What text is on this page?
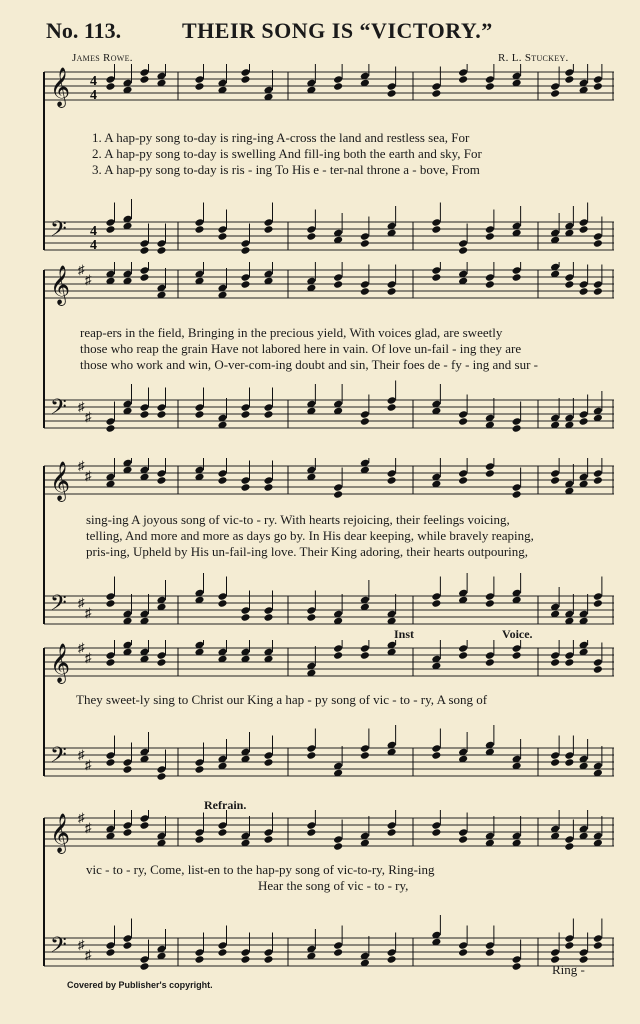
No. 113.	THEIR SONG IS “VICTORY.”
James Rowe.	R. L. Stuckey.
𝄞 4
4
𝄢 4
4
1. A hap-py song to-day is ring-ing A-cross the land and restless sea, For
2. A hap-py song to-day is swelling And fill-ing both the earth and sky, For
3. A hap-py song to-day is ris - ing To His e - ter-nal throne a - bove, From
𝄞 ♯
♯
𝄢 ♯
♯
reap-ers in the field, Bringing in the precious yield, With voices glad, are sweetly
those who reap the grain Have not labored here in vain. Of love un-fail - ing they are
those who work and win, O-ver-com-ing doubt and sin, Their foes de - fy - ing and sur -
𝄞 ♯
♯
𝄢 ♯
♯
sing-ing A joyous song of vic-to - ry. With hearts rejoicing, their feelings voicing,
telling, And more and more as days go by. In His dear keeping, while bravely reaping,
pris-ing, Upheld by His un-fail-ing love. Their King adoring, their hearts outpouring,
𝄞 ♯
♯
𝄢 ♯
♯
Inst	Voice.
They sweet-ly sing to Christ our King a hap - py song of vic - to - ry, A song of
𝄞 ♯
♯
𝄢 ♯
♯
Refrain.
vic - to - ry, Come, list-en to the hap-py song of vic-to-ry, Ring-ing
Hear the song of vic - to - ry,
Ring -
Covered by Publisher's copyright.
